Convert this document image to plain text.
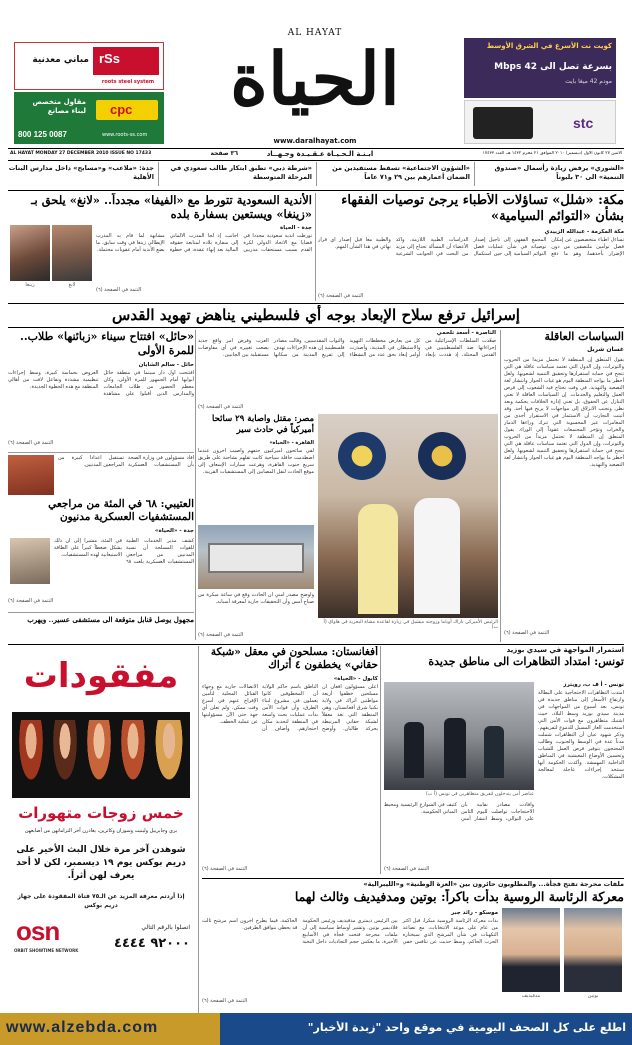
rSs
roots steel system
مباني معدنية
مقاول متخصص لبناء مصانع cpc
800 125 0087	www.roots-ss.com
AL HAYAT
الحياة
www.daralhayat.com
كويت نت الأسرع في الشرق الأوسط
بسرعة تصل الى Mbps 42
مودم 42 ميغا بايت
stc
AL HAYAT MONDAY 27 DECEMBER 2010 ISSUE NO 17433	٣٦ صفحة	ابـنـة الـحـيـاة عـقـيـدة وجـهــاد	الاثنين ٢٧ كانون الأول (ديسمبر) ٢٠١٠ الموافق ٢١ محرم ١٤٣٢ هـ، العدد ١٧٤٣٣
جدة: «ملاعب» و«مسابح» داخل مدارس البنات الأهلية
«شرطة دبي» تطبق ابتكار طالب سعودي في المرحلة المتوسطة
«الشؤون الاجتماعية» تسقط مستفيدين من الضمان أعمارهم بين ٢٩ و٧١ عاماً
«الشوري» يرفض زيادة رأسمال «صندوق التنمية» الى ٣٠ بليوناً
مكة: «شلل» تساؤلات الأطباء يرجئ توصيات الفقهاء بشأن «التوائم السيامية»
مكة المكرمة - عبدالله الزبيدي
تساءل أطباء متخصصون عن إمكان فصل توأمين ملتصقين من دون الإضرار بأحدهما، وهو ما دفع المجمع الفقهي إلى تأجيل إصدار توصياته في شأن عمليات فصل التوائم السيامية إلى حين استكمال الدراسات الطبية اللازمة، وأكد الأعضاء أن المسألة تحتاج إلى مزيد من البحث في الجوانب الشرعية والطبية معاً قبل إصدار أي قرار نهائي في هذا الشأن المهم.
التتمة في الصفحة (٦)
الأندية السعودية تتورط مع «الفيفا» مجدداً.. «لانغ» يلحق بـ «زينغا» ويستعين بسفارة بلده
زينغا	لانغ
جدة - الحياة
تورطت أندية سعودية مجدداً في قضايا مع الاتحاد الدولي لكرة القدم بسبب مستحقات مدربين أجانب، إذ لجأ المدرب الألماني إلى سفارة بلاده لمتابعة حقوقه المالية بعد إنهاء عقده، في خطوة مشابهة لما قام به المدرب الإيطالي زينغا في وقت سابق، ما يضع الأندية أمام عقوبات محتملة.
التتمة في الصفحة (٦)
إسرائيل ترفع سلاح الإبعاد بوجه أي فلسطيني يناهض تهويد القدس
السياسات العاقلة
غسان شربل
يقول المنطق إن المنطقة لا تحتمل مزيداً من الحروب والتوترات، وإن الدول التي تعتمد سياسات عاقلة هي التي تنجح في حماية استقرارها وتحقيق التنمية لشعوبها. ولعل أخطر ما يواجه المنطقة اليوم هو غياب الحوار وانتشار لغة التصعيد والتهديد، في وقت تحتاج فيه الشعوب إلى فرص العمل والتعليم والخدمات. إن السياسات العاقلة لا تعني التنازل عن الحقوق، بل تعني إدارة الخلافات بحكمة وبعد نظر، وتجنب الانزلاق إلى مواجهات لا يربح فيها أحد. وقد أثبتت التجارب أن الاستثمار في الاستقرار أجدى من المغامرات غير المحسوبة التي تترك وراءها الدمار والخراب وتؤخر المجتمعات عقوداً إلى الوراء. يقول المنطق إن المنطقة لا تحتمل مزيداً من الحروب والتوترات، وإن الدول التي تعتمد سياسات عاقلة هي التي تنجح في حماية استقرارها وتحقيق التنمية لشعوبها. ولعل أخطر ما يواجه المنطقة اليوم هو غياب الحوار وانتشار لغة التصعيد والتهديد.
التتمة في الصفحة (٦)
الناصرة - أسعد تلحمي
صعّدت السلطات الإسرائيلية من إجراءاتها ضد الفلسطينيين في القدس المحتلة، إذ هددت بإبعاد كل من يعارض مخططات التهويد والاستيطان في المدينة، وأصدرت أوامر إبعاد بحق عدد من النشطاء والنواب المقدسيين. وقالت مصادر فلسطينية إن هذه الإجراءات تهدف إلى تفريغ المدينة من سكانها العرب وفرض أمر واقع جديد يصعب تغييره في أي مفاوضات مستقبلية بين الجانبين.
التتمة في الصفحة (٦)
«حائل» افتتاح سيناء «زبائنها» طلاب.. للمرة الأولى
حائل - سالم الشايان
افتتحت أول دار سينما في منطقة حائل أبوابها أمام الجمهور للمرة الأولى، وكان معظم الحضور من طلاب الجامعات والمدارس الذين أقبلوا على مشاهدة العروض بحماسة كبيرة، وسط إجراءات تنظيمية مشددة وتفاعل لافت من أهالي المنطقة مع هذه الخطوة الجديدة.
التتمة في الصفحة (٦)
مصر: مقتل واصابة ٢٩ سائحاً أميركياً في حادث سير
القاهرة - «الحياة»
لقي سائحون أميركيون حتفهم وأصيب آخرون عندما اصطدمت حافلة سياحية كانت تقلهم بشاحنة على طريق سريع جنوب القاهرة، وهرعت سيارات الإسعاف إلى موقع الحادث لنقل المصابين إلى المستشفيات القريبة.
الرئيس الأميركي باراك أوباما وزوجته ميشيل في زيارة لقاعدة مشاة البحرية في هاواي (أ ب)
وأوضح مصدر أمني أن الحادث وقع في ساعة مبكرة من صباح أمس وأن التحقيقات جارية لمعرفة أسبابه.
التتمة في الصفحة (٦)
أفاد مسؤولون في وزارة الصحة بأن المستشفيات العسكرية تستقبل أعداداً كبيرة من المراجعين المدنيين.
العتيبي: ٦٨ في المئة من مراجعي المستشفيات العسكرية مدنيون
جدة - «الحياة»
كشف مدير الخدمات الطبية للقوات المسلحة أن نسبة المدنيين من مراجعي المستشفيات العسكرية بلغت ٦٨ في المئة، مشيراً إلى أن ذلك يشكل ضغطاً كبيراً على الطاقة الاستيعابية لهذه المستشفيات.
التتمة في الصفحة (٦)
مجهول يوصل قنابل متوقعة الى مستشفى عسير.. ويهرب
استمرار المواجهة في سيدي بوزيد
تونس: امتداد التظاهرات الى مناطق جديدة
عناصر أمن يتدخلون لتفريق متظاهرين في تونس (أ ب)
تونس - أ ف ب، رويترز
امتدت التظاهرات الاحتجاجية على البطالة وارتفاع الأسعار إلى مناطق جديدة في تونس، بعد أسبوع من المواجهات في مدينة سيدي بوزيد وسط البلاد، حيث اشتبك متظاهرون مع قوات الأمن التي استخدمت الغاز المسيل للدموع لتفريقهم. وذكر شهود عيان أن التظاهرات شملت مدناً عدة في الوسط والجنوب، وطالب المحتجون بتوفير فرص العمل للشباب وتحسين الأوضاع المعيشية في المناطق الداخلية المهمشة. وأكدت الحكومة أنها ستتخذ إجراءات عاجلة لمعالجة المشكلات.
وأفادت مصادر نقابية بأن الاحتجاجات تواصلت لليوم الثامن على التوالي، وسط انتشار أمني كثيف في الشوارع الرئيسية ومحيط المباني الحكومية.
التتمة في الصفحة (٦)
أفغانستان: مسلحون في معقل «شبكة حقاني» يخطفون ٤ أتراك
كابول - «الحياة»
أعلن مسؤولون أفغان أن مسلحين خطفوا أربعة مواطنين أتراك في ولاية بكتيا شرق أفغانستان، وهي المنطقة التي تعد معقلاً لشبكة حقاني المرتبطة بحركة طالبان. وأوضح الناطق باسم حاكم الولاية أن المخطوفين كانوا يعملون في مشروع لبناء الطرق، وأن قوات الأمن بدأت عمليات بحث واسعة في المنطقة لتحديد مكان احتجازهم. وأضاف أن الاتصالات جارية مع وجهاء القبائل المحلية لتأمين الإفراج عنهم في أسرع وقت ممكن. ولم تعلن أي جهة حتى الآن مسؤوليتها عن عملية الخطف.
التتمة في الصفحة (٦)
مفقودات
خمس زوجات متهورات
بري وجابرييل ولينيت وسوزان وكاثرين، يغادرن آخر التزاماتهن من أصابعهن
شوهدن آخر مرة خلال البث الأخير على دريم بوكس يوم ١٩ ديسمبر، لكن لا أحد يعرف لهن أثراً.
إذا أردتم معرفة المزيد عن الـ٧٥ فتاة المفقودة على جهاز دريم بوكس
osn
ORBIT SHOWTIME NETWORK
اتصلوا بالرقم التالي
٩٢٠٠٠ ٤٤٤٤
ملفات محرجة تفتح فجأة... والمطلوبون حائرون بين «العزة الوطنية» و«الليبرالية»
معركة الرئاسة الروسية بدأت باكراً: بوتين ومدفيديف وثالث لهما
بوتين
مدفيديف
موسكو - رائد جبر
بدأت معركة الرئاسة الروسية مبكراً، قبل أكثر من عام على موعد الانتخابات، مع تصاعد التكهنات في شأن المرشح الذي سيختاره الحزب الحاكم، وسط حديث عن تنافس خفي بين الرئيس ديمتري مدفيديف ورئيس الحكومة فلاديمير بوتين. وتشير أوساط سياسية إلى أن ملفات محرجة فتحت فجأة في الأسابيع الأخيرة، ما يعكس حجم التجاذبات داخل النخبة الحاكمة، فيما يطرح آخرون اسم مرشح ثالث قد يحظى بتوافق الطرفين.
التتمة في الصفحة (٦)
www.alzebda.com	اطلع على كل الصحف اليومية في موقع واحد "زبدة الأخبار"
